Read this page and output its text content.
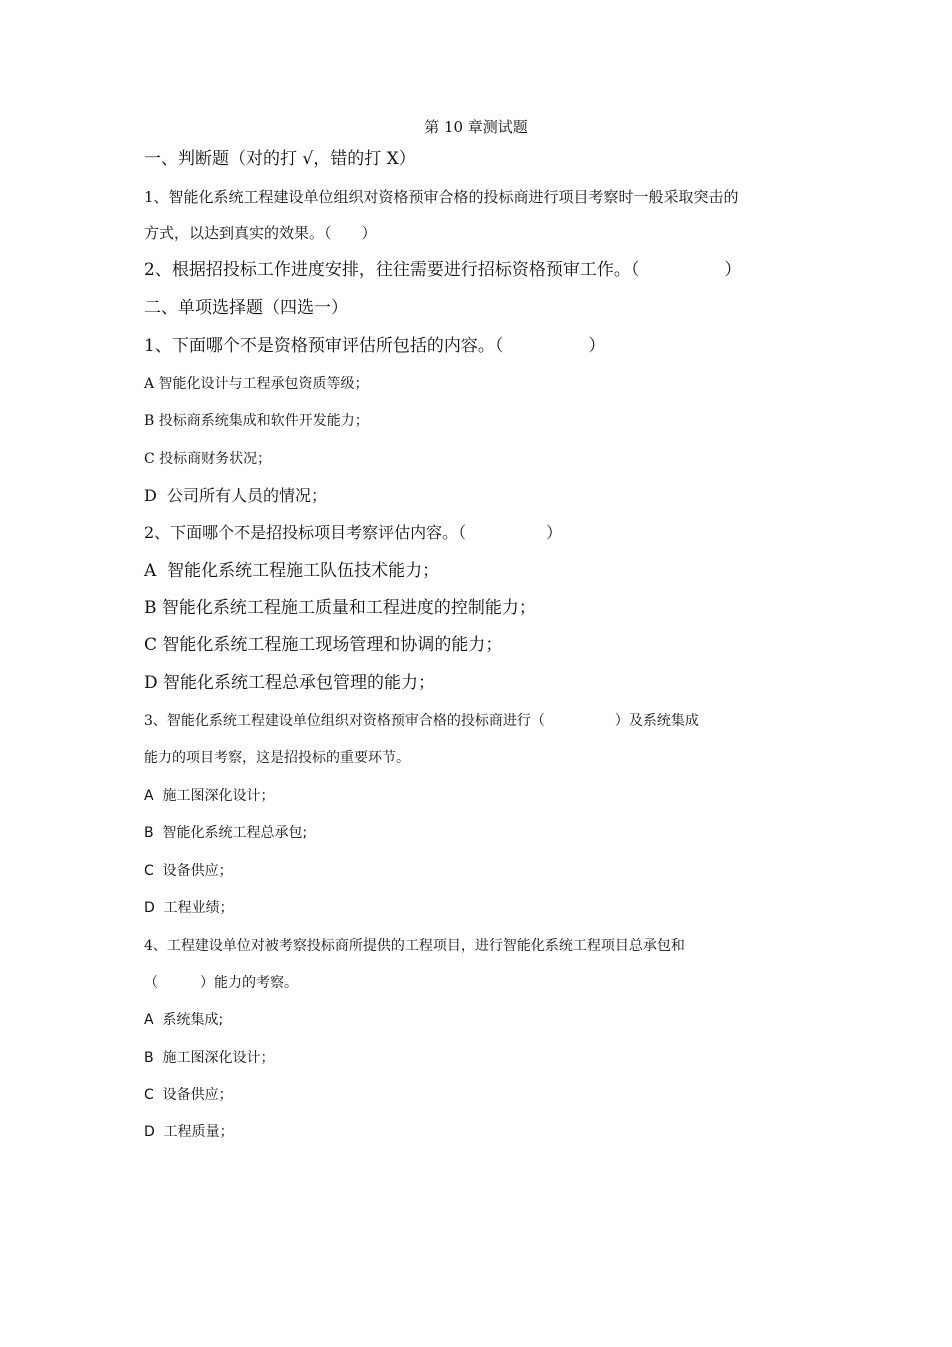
第 10 章测试题
一、判断题（对的打 √，错的打 X）
1、智能化系统工程建设单位组织对资格预审合格的投标商进行项目考察时一般采取突击的
方式，以达到真实的效果。（　　）
2、根据招投标工作进度安排，往往需要进行招标资格预审工作。（　　　　　）
二、单项选择题（四选一）
1、下面哪个不是资格预审评估所包括的内容。（　　　　　）
A 智能化设计与工程承包资质等级；
B 投标商系统集成和软件开发能力；
C 投标商财务状况；
D  公司所有人员的情况；
2、下面哪个不是招投标项目考察评估内容。（　　　　　）
A  智能化系统工程施工队伍技术能力；
B 智能化系统工程施工质量和工程进度的控制能力；
C 智能化系统工程施工现场管理和协调的能力；
D 智能化系统工程总承包管理的能力；
3、智能化系统工程建设单位组织对资格预审合格的投标商进行（　　　　　）及系统集成
能力的项目考察，这是招投标的重要环节。
A  施工图深化设计；
B  智能化系统工程总承包;
C  设备供应；
D  工程业绩；
4、工程建设单位对被考察投标商所提供的工程项目，进行智能化系统工程项目总承包和
（　　　）能力的考察。
A  系统集成;
B  施工图深化设计；
C  设备供应；
D  工程质量；
